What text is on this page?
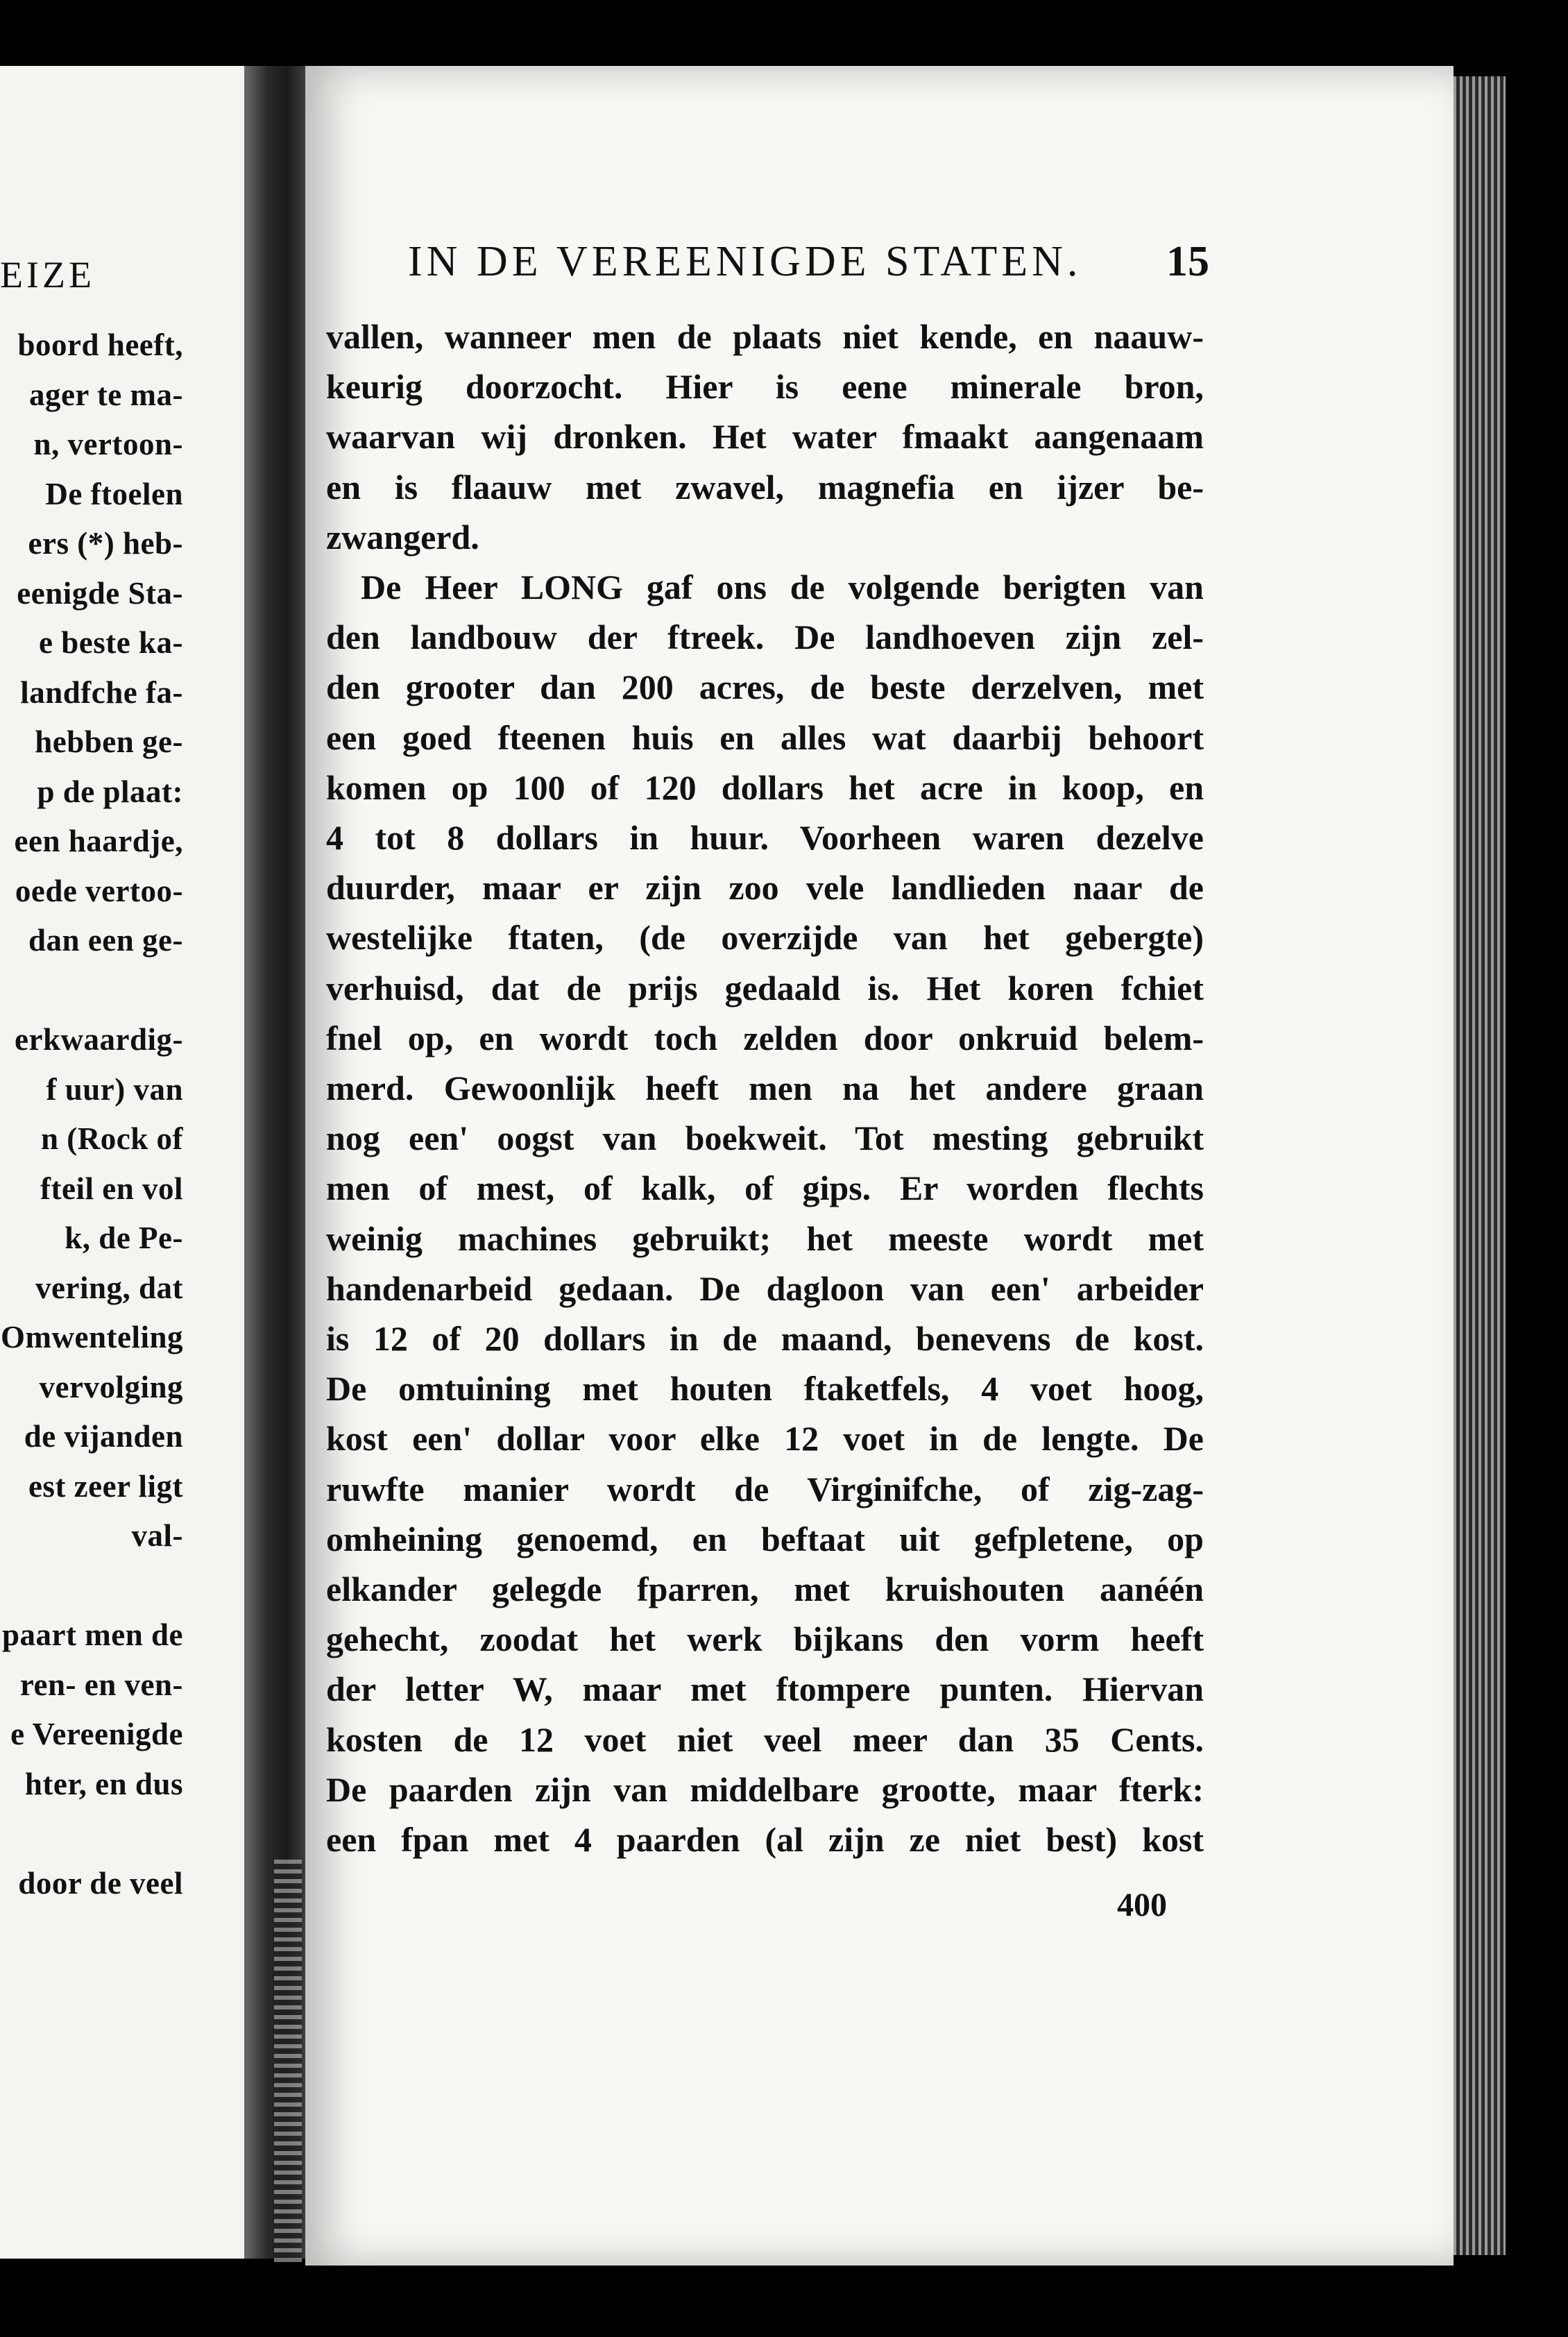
EIZE
boord heeft,
ager te ma-
n, vertoon-
De ftoelen
ers (*) heb-
eenigde Sta-
e beste ka-
landfche fa-
hebben ge-
p de plaat:
een haardje,
oede vertoo-
dan een ge-
erkwaardig-
f uur) van
n (Rock of
fteil en vol
k, de Pe-
vering, dat
Omwenteling
vervolging
de vijanden
est zeer ligt
val-
paart men de
ren- en ven-
e Vereenigde
hter, en dus
door de veel
IN DE VEREENIGDE STATEN. 15
vallen, wanneer men de plaats niet kende, en naauw-
keurig doorzocht. Hier is eene minerale bron,
waarvan wij dronken. Het water fmaakt aangenaam
en is flaauw met zwavel, magnefia en ijzer be-
zwangerd.
De Heer LONG gaf ons de volgende berigten van
den landbouw der ftreek. De landhoeven zijn zel-
den grooter dan 200 acres, de beste derzelven, met
een goed fteenen huis en alles wat daarbij behoort
komen op 100 of 120 dollars het acre in koop, en
4 tot 8 dollars in huur. Voorheen waren dezelve
duurder, maar er zijn zoo vele landlieden naar de
westelijke ftaten, (de overzijde van het gebergte)
verhuisd, dat de prijs gedaald is. Het koren fchiet
fnel op, en wordt toch zelden door onkruid belem-
merd. Gewoonlijk heeft men na het andere graan
nog een' oogst van boekweit. Tot mesting gebruikt
men of mest, of kalk, of gips. Er worden flechts
weinig machines gebruikt; het meeste wordt met
handenarbeid gedaan. De dagloon van een' arbeider
is 12 of 20 dollars in de maand, benevens de kost.
De omtuining met houten ftaketfels, 4 voet hoog,
kost een' dollar voor elke 12 voet in de lengte. De
ruwfte manier wordt de Virginifche, of zig-zag-
omheining genoemd, en beftaat uit gefpletene, op
elkander gelegde fparren, met kruishouten aanéén
gehecht, zoodat het werk bijkans den vorm heeft
der letter W, maar met ftompere punten. Hiervan
kosten de 12 voet niet veel meer dan 35 Cents.
De paarden zijn van middelbare grootte, maar fterk:
een fpan met 4 paarden (al zijn ze niet best) kost
400
